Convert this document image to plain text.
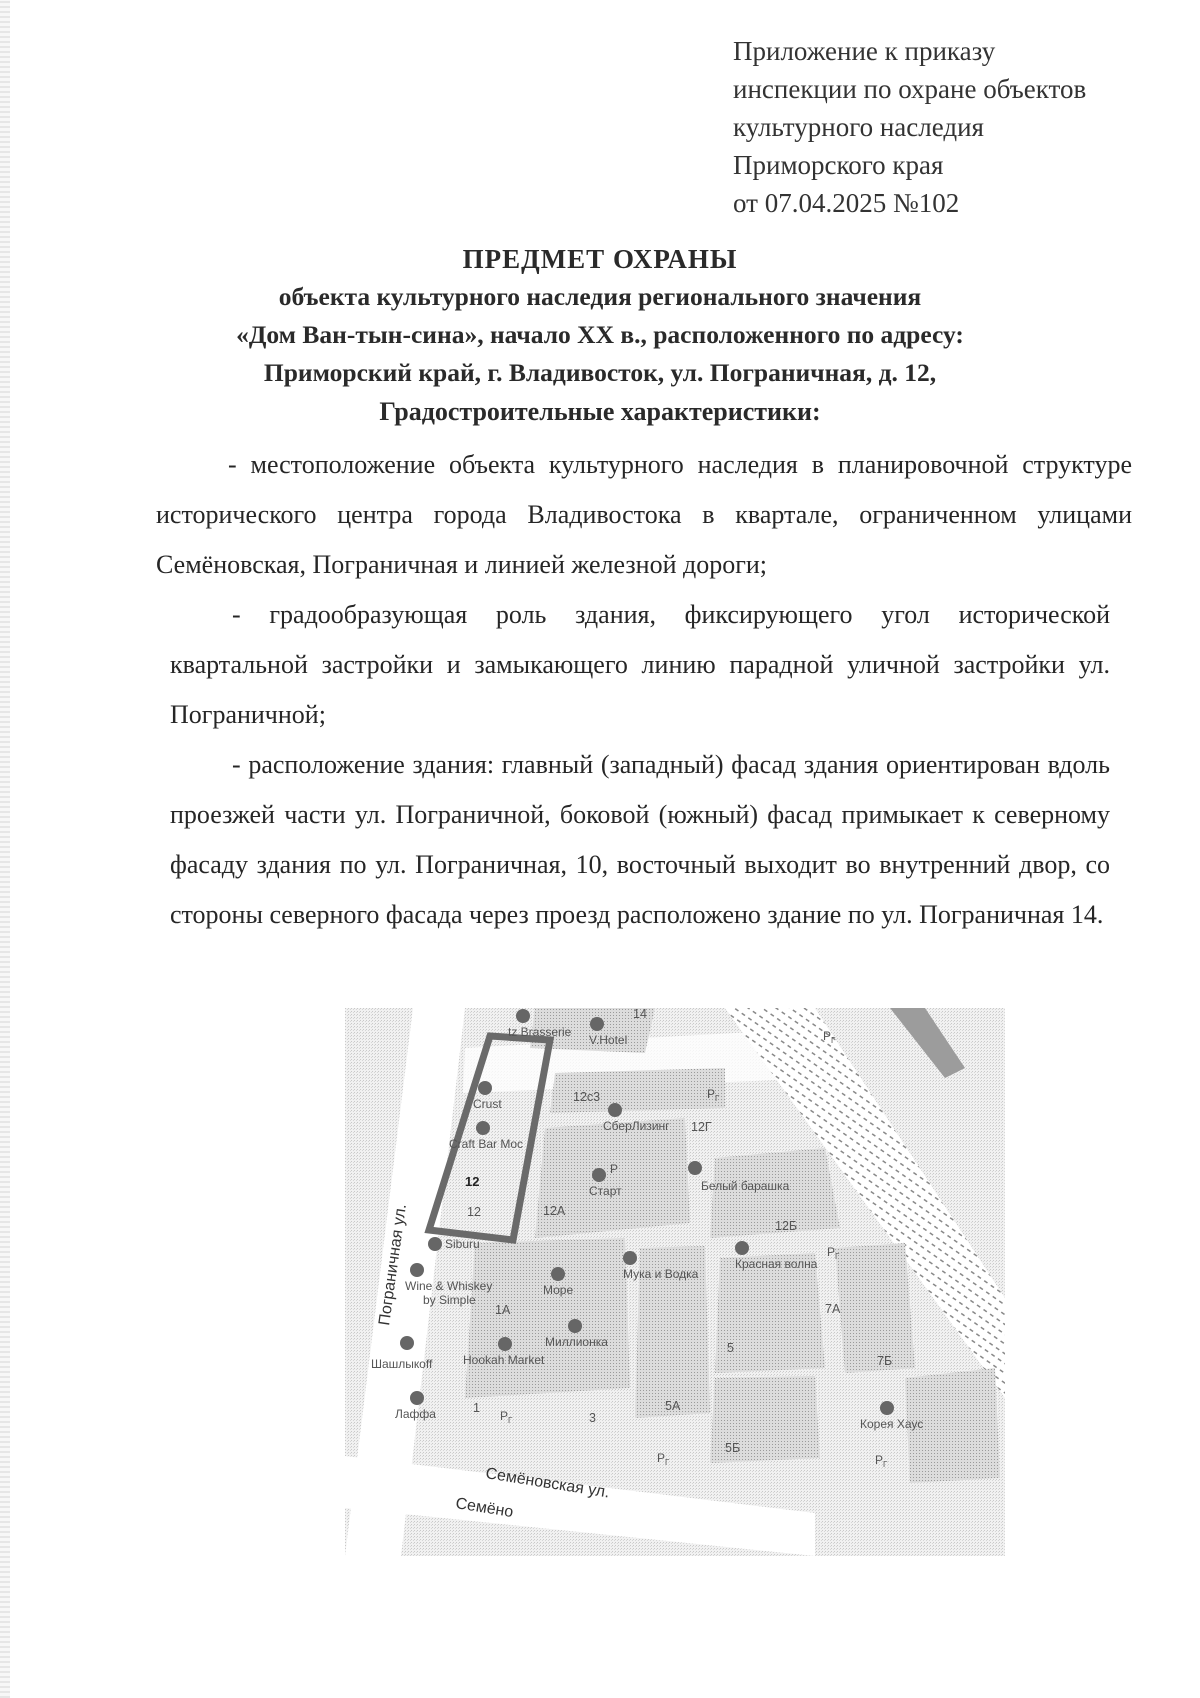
Приложение к приказу
инспекции по охране объектов
культурного наследия
Приморского края
от 07.04.2025 №102
ПРЕДМЕТ ОХРАНЫ
объекта культурного наследия регионального значения
«Дом Ван-тын-сина», начало XX в., расположенного по адресу:
Приморский край, г. Владивосток, ул. Пограничная, д. 12,
Градостроительные характеристики:
- местоположение объекта культурного наследия в планировочной структуре исторического центра города Владивостока в квартале, ограниченном улицами Семёновская, Пограничная и линией железной дороги;
- градообразующая роль здания, фиксирующего угол исторической квартальной застройки и замыкающего линию парадной уличной застройки ул. Пограничной;
- расположение здания: главный (западный) фасад здания ориентирован вдоль проезжей части ул. Пограничной, боковой (южный) фасад примыкает к северному фасаду здания по ул. Пограничная, 10, восточный выходит во внутренний двор, со стороны северного фасада через проезд расположено здание по ул. Пограничная 14.
tz Brasserie
V.Hotel
Crust
Craft Bar Moc
СберЛизинг
Белый барашка
Старт
Siburu
Wine & Whiskey
by Simple
Море
Мука и Водка
Красная волна
Миллионка
Hookah Market
Шашлыкoff
Лаффа
Корея Хаус
14
12с3
12Г
12
12	12А
12Б
7А
7Б
1А
5
5А
5Б
1
3
$P_Г$
$P_Г$
P
$P_Г$
$P_Г$
$P_Г$	$P_Г$
Пограничная ул.
Семёновская ул.
Семёно
